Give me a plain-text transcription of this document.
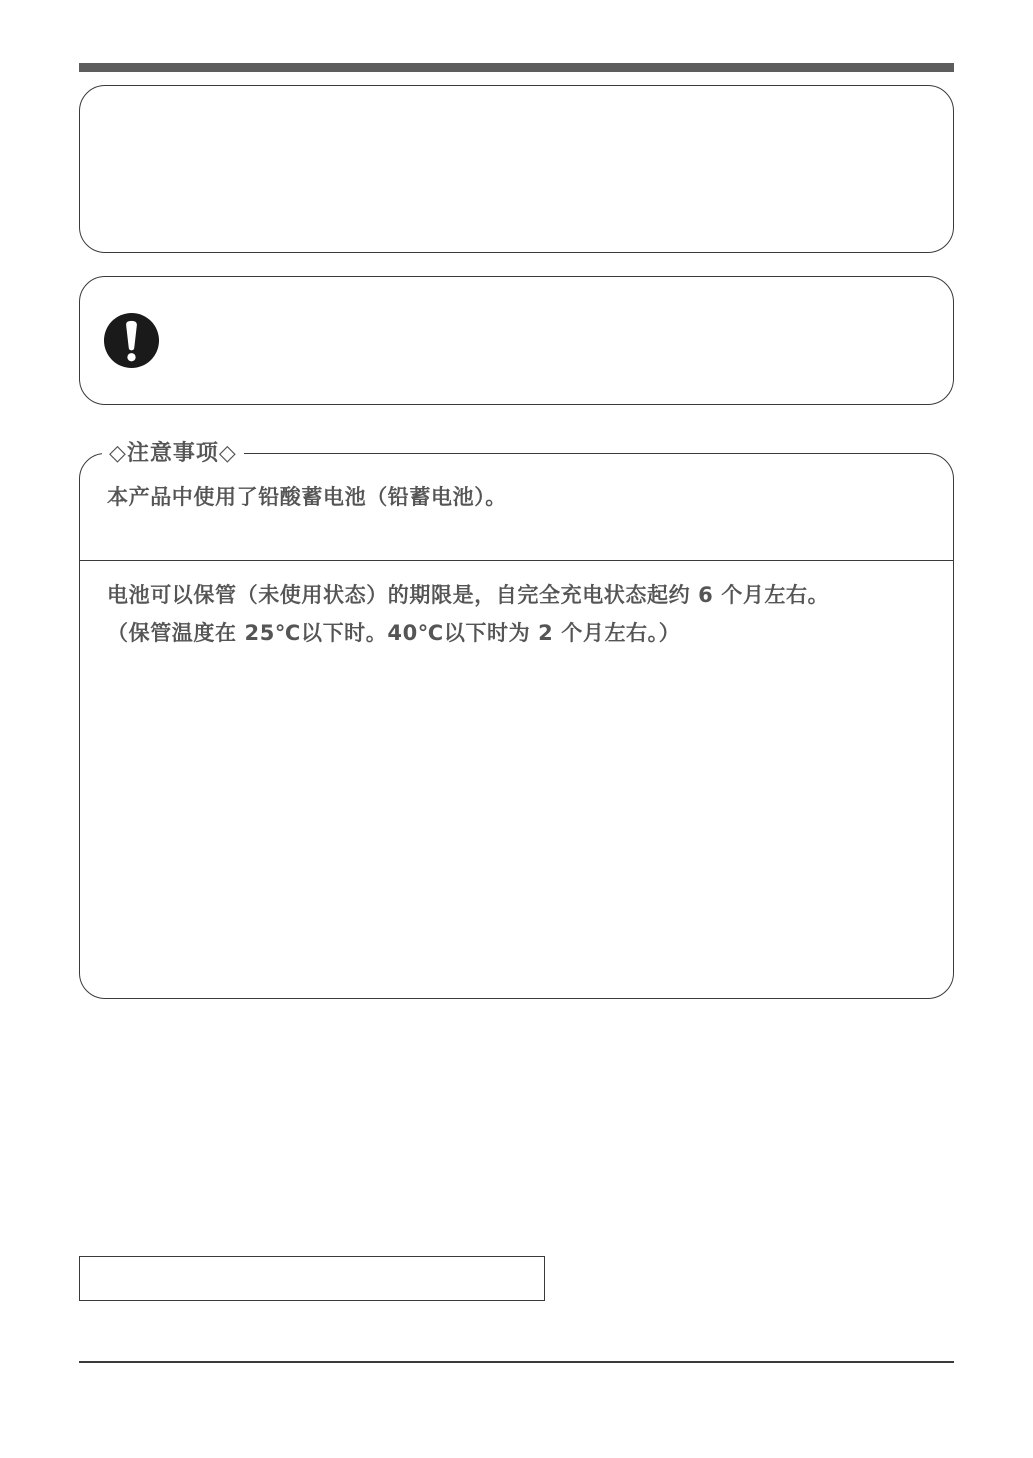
◇注意事项◇
本产品中使用了铅酸蓄电池（铅蓄电池）。
电池可以保管（未使用状态）的期限是，自完全充电状态起约 6 个月左右。
（保管温度在 25℃以下时。40℃以下时为 2 个月左右。）
